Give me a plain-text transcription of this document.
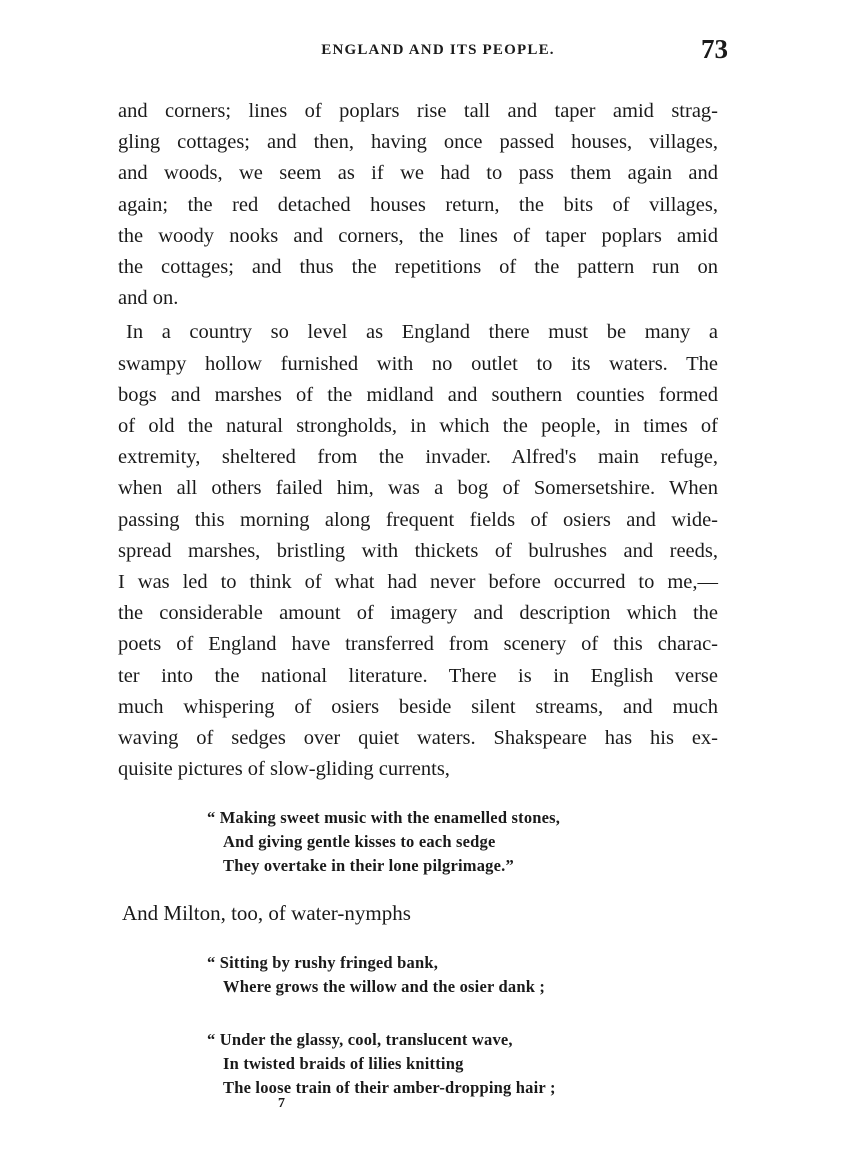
ENGLAND AND ITS PEOPLE.	73
and corners; lines of poplars rise tall and taper amid strag-
gling cottages; and then, having once passed houses, villages,
and woods, we seem as if we had to pass them again and
again; the red detached houses return, the bits of villages,
the woody nooks and corners, the lines of taper poplars amid
the cottages; and thus the repetitions of the pattern run on
and on.
In a country so level as England there must be many a
swampy hollow furnished with no outlet to its waters. The
bogs and marshes of the midland and southern counties formed
of old the natural strongholds, in which the people, in times of
extremity, sheltered from the invader. Alfred's main refuge,
when all others failed him, was a bog of Somersetshire. When
passing this morning along frequent fields of osiers and wide-
spread marshes, bristling with thickets of bulrushes and reeds,
I was led to think of what had never before occurred to me,—
the considerable amount of imagery and description which the
poets of England have transferred from scenery of this charac-
ter into the national literature. There is in English verse
much whispering of osiers beside silent streams, and much
waving of sedges over quiet waters. Shakspeare has his ex-
quisite pictures of slow-gliding currents,
“ Making sweet music with the enamelled stones,
And giving gentle kisses to each sedge
They overtake in their lone pilgrimage.”
And Milton, too, of water-nymphs
“ Sitting by rushy fringed bank,
Where grows the willow and the osier dank ;
“ Under the glassy, cool, translucent wave,
In twisted braids of lilies knitting
The loose train of their amber-dropping hair ;
7
